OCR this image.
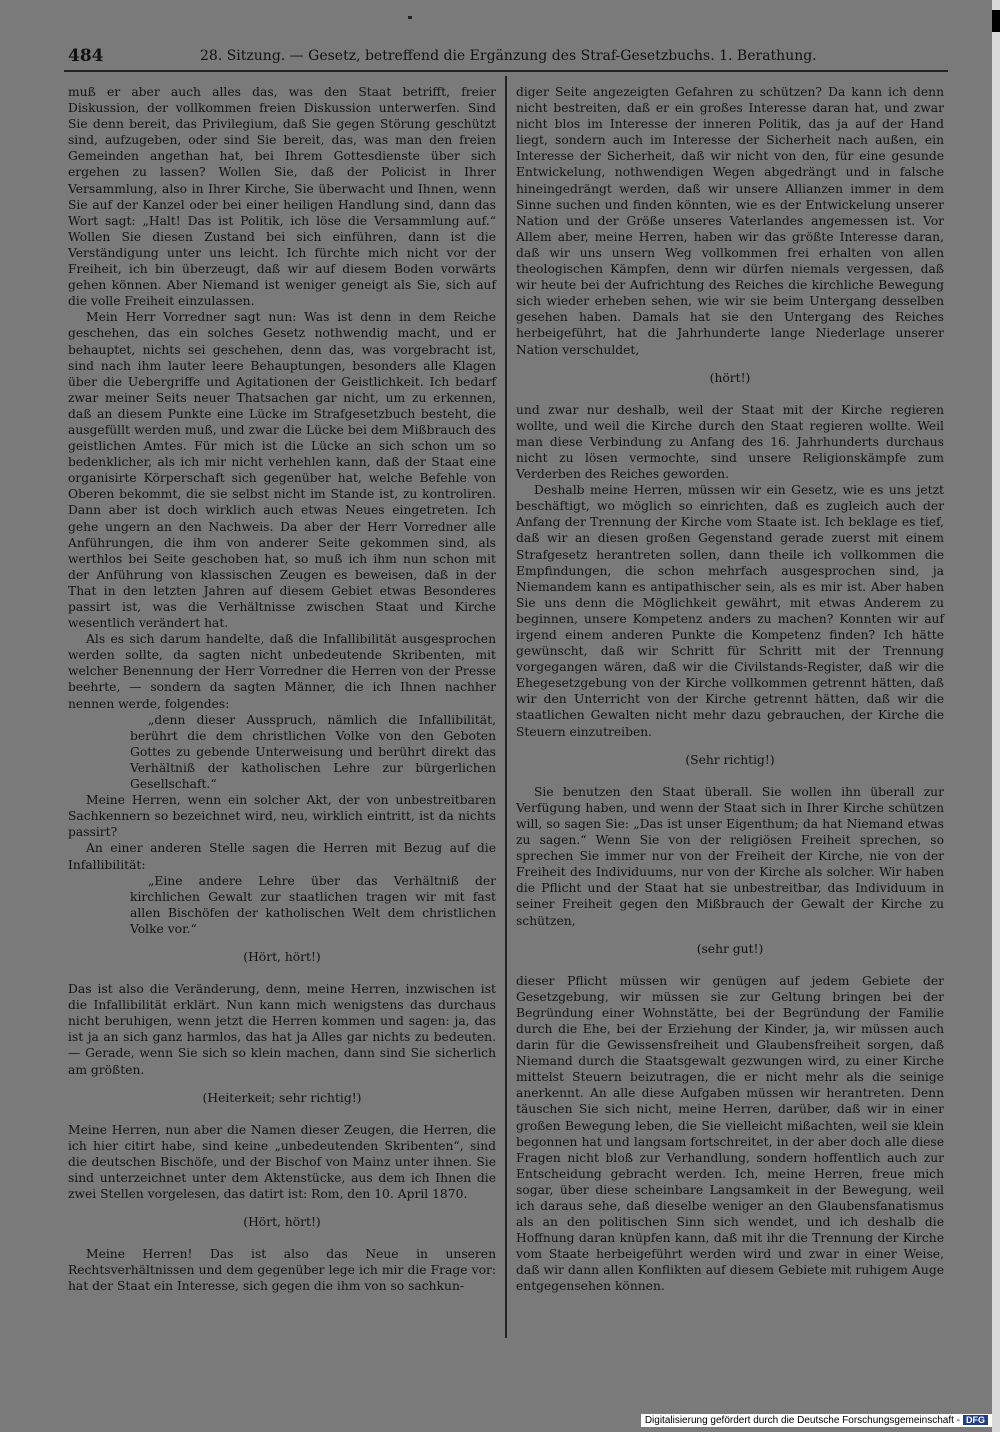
484	28. Sitzung. — Gesetz, betreffend die Ergänzung des Straf-Gesetzbuchs. 1. Berathung.

muß er aber auch alles das, was den Staat betrifft, freier Diskussion, der vollkommen freien Diskussion unterwerfen. Sind Sie denn bereit, das Privilegium, daß Sie gegen Störung geschützt sind, aufzugeben, oder sind Sie bereit, das, was man den freien Gemeinden angethan hat, bei Ihrem Gottesdienste über sich ergehen zu lassen? Wollen Sie, daß der Policist in Ihrer Versammlung, also in Ihrer Kirche, Sie überwacht und Ihnen, wenn Sie auf der Kanzel oder bei einer heiligen Handlung sind, dann das Wort sagt: „Halt! Das ist Politik, ich löse die Versammlung auf.“ Wollen Sie diesen Zustand bei sich einführen, dann ist die Verständigung unter uns leicht. Ich fürchte mich nicht vor der Freiheit, ich bin überzeugt, daß wir auf diesem Boden vorwärts gehen können. Aber Niemand ist weniger geneigt als Sie, sich auf die volle Freiheit einzulassen.

Mein Herr Vorredner sagt nun: Was ist denn in dem Reiche geschehen, das ein solches Gesetz nothwendig macht, und er behauptet, nichts sei geschehen, denn das, was vorgebracht ist, sind nach ihm lauter leere Behauptungen, besonders alle Klagen über die Uebergriffe und Agitationen der Geistlichkeit. Ich bedarf zwar meiner Seits neuer Thatsachen gar nicht, um zu erkennen, daß an diesem Punkte eine Lücke im Strafgesetzbuch besteht, die ausgefüllt werden muß, und zwar die Lücke bei dem Mißbrauch des geistlichen Amtes. Für mich ist die Lücke an sich schon um so bedenklicher, als ich mir nicht verhehlen kann, daß der Staat eine organisirte Körperschaft sich gegenüber hat, welche Befehle von Oberen bekommt, die sie selbst nicht im Stande ist, zu kontroliren. Dann aber ist doch wirklich auch etwas Neues eingetreten. Ich gehe ungern an den Nachweis. Da aber der Herr Vorredner alle Anführungen, die ihm von anderer Seite gekommen sind, als werthlos bei Seite geschoben hat, so muß ich ihm nun schon mit der Anführung von klassischen Zeugen es beweisen, daß in der That in den letzten Jahren auf diesem Gebiet etwas Besonderes passirt ist, was die Verhältnisse zwischen Staat und Kirche wesentlich verändert hat.

Als es sich darum handelte, daß die Infallibilität ausgesprochen werden sollte, da sagten nicht unbedeutende Skribenten, mit welcher Benennung der Herr Vorredner die Herren von der Presse beehrte, — sondern da sagten Männer, die ich Ihnen nachher nennen werde, folgendes:

„denn dieser Ausspruch, nämlich die Infallibilität, berührt die dem christlichen Volke von den Geboten Gottes zu gebende Unterweisung und berührt direkt das Verhältniß der katholischen Lehre zur bürgerlichen Gesellschaft.“

Meine Herren, wenn ein solcher Akt, der von unbestreitbaren Sachkennern so bezeichnet wird, neu, wirklich eintritt, ist da nichts passirt?

An einer anderen Stelle sagen die Herren mit Bezug auf die Infallibilität:

„Eine andere Lehre über das Verhältniß der kirchlichen Gewalt zur staatlichen tragen wir mit fast allen Bischöfen der katholischen Welt dem christlichen Volke vor.“

(Hört, hört!)

Das ist also die Veränderung, denn, meine Herren, inzwischen ist die Infallibilität erklärt. Nun kann mich wenigstens das durchaus nicht beruhigen, wenn jetzt die Herren kommen und sagen: ja, das ist ja an sich ganz harmlos, das hat ja Alles gar nichts zu bedeuten. — Gerade, wenn Sie sich so klein machen, dann sind Sie sicherlich am größten.

(Heiterkeit; sehr richtig!)

Meine Herren, nun aber die Namen dieser Zeugen, die Herren, die ich hier citirt habe, sind keine „unbedeutenden Skribenten“, sind die deutschen Bischöfe, und der Bischof von Mainz unter ihnen. Sie sind unterzeichnet unter dem Aktenstücke, aus dem ich Ihnen die zwei Stellen vorgelesen, das datirt ist: Rom, den 10. April 1870.

(Hört, hört!)

Meine Herren! Das ist also das Neue in unseren Rechtsverhältnissen und dem gegenüber lege ich mir die Frage vor: hat der Staat ein Interesse, sich gegen die ihm von so sachkun-

diger Seite angezeigten Gefahren zu schützen? Da kann ich denn nicht bestreiten, daß er ein großes Interesse daran hat, und zwar nicht blos im Interesse der inneren Politik, das ja auf der Hand liegt, sondern auch im Interesse der Sicherheit nach außen, ein Interesse der Sicherheit, daß wir nicht von den, für eine gesunde Entwickelung, nothwendigen Wegen abgedrängt und in falsche hineingedrängt werden, daß wir unsere Allianzen immer in dem Sinne suchen und finden könnten, wie es der Entwickelung unserer Nation und der Größe unseres Vaterlandes angemessen ist. Vor Allem aber, meine Herren, haben wir das größte Interesse daran, daß wir uns unsern Weg vollkommen frei erhalten von allen theologischen Kämpfen, denn wir dürfen niemals vergessen, daß wir heute bei der Aufrichtung des Reiches die kirchliche Bewegung sich wieder erheben sehen, wie wir sie beim Untergang desselben gesehen haben. Damals hat sie den Untergang des Reiches herbeigeführt, hat die Jahrhunderte lange Niederlage unserer Nation verschuldet,

(hört!)

und zwar nur deshalb, weil der Staat mit der Kirche regieren wollte, und weil die Kirche durch den Staat regieren wollte. Weil man diese Verbindung zu Anfang des 16. Jahrhunderts durchaus nicht zu lösen vermochte, sind unsere Religionskämpfe zum Verderben des Reiches geworden.

Deshalb meine Herren, müssen wir ein Gesetz, wie es uns jetzt beschäftigt, wo möglich so einrichten, daß es zugleich auch der Anfang der Trennung der Kirche vom Staate ist. Ich beklage es tief, daß wir an diesen großen Gegenstand gerade zuerst mit einem Strafgesetz herantreten sollen, dann theile ich vollkommen die Empfindungen, die schon mehrfach ausgesprochen sind, ja Niemandem kann es antipathischer sein, als es mir ist. Aber haben Sie uns denn die Möglichkeit gewährt, mit etwas Anderem zu beginnen, unsere Kompetenz anders zu machen? Konnten wir auf irgend einem anderen Punkte die Kompetenz finden? Ich hätte gewünscht, daß wir Schritt für Schritt mit der Trennung vorgegangen wären, daß wir die Civilstands-Register, daß wir die Ehegesetzgebung von der Kirche vollkommen getrennt hätten, daß wir den Unterricht von der Kirche getrennt hätten, daß wir die staatlichen Gewalten nicht mehr dazu gebrauchen, der Kirche die Steuern einzutreiben.

(Sehr richtig!)

Sie benutzen den Staat überall. Sie wollen ihn überall zur Verfügung haben, und wenn der Staat sich in Ihrer Kirche schützen will, so sagen Sie: „Das ist unser Eigenthum; da hat Niemand etwas zu sagen.“ Wenn Sie von der religiösen Freiheit sprechen, so sprechen Sie immer nur von der Freiheit der Kirche, nie von der Freiheit des Individuums, nur von der Kirche als solcher. Wir haben die Pflicht und der Staat hat sie unbestreitbar, das Individuum in seiner Freiheit gegen den Mißbrauch der Gewalt der Kirche zu schützen,

(sehr gut!)

dieser Pflicht müssen wir genügen auf jedem Gebiete der Gesetzgebung, wir müssen sie zur Geltung bringen bei der Begründung einer Wohnstätte, bei der Begründung der Familie durch die Ehe, bei der Erziehung der Kinder, ja, wir müssen auch darin für die Gewissensfreiheit und Glaubensfreiheit sorgen, daß Niemand durch die Staatsgewalt gezwungen wird, zu einer Kirche mittelst Steuern beizutragen, die er nicht mehr als die seinige anerkennt. An alle diese Aufgaben müssen wir herantreten. Denn täuschen Sie sich nicht, meine Herren, darüber, daß wir in einer großen Bewegung leben, die Sie vielleicht mißachten, weil sie klein begonnen hat und langsam fortschreitet, in der aber doch alle diese Fragen nicht bloß zur Verhandlung, sondern hoffentlich auch zur Entscheidung gebracht werden. Ich, meine Herren, freue mich sogar, über diese scheinbare Langsamkeit in der Bewegung, weil ich daraus sehe, daß dieselbe weniger an den Glaubensfanatismus als an den politischen Sinn sich wendet, und ich deshalb die Hoffnung daran knüpfen kann, daß mit ihr die Trennung der Kirche vom Staate herbeigeführt werden wird und zwar in einer Weise, daß wir dann allen Konflikten auf diesem Gebiete mit ruhigem Auge entgegensehen können.

Digitalisierung gefördert durch die Deutsche Forschungsgemeinschaft - DFG
